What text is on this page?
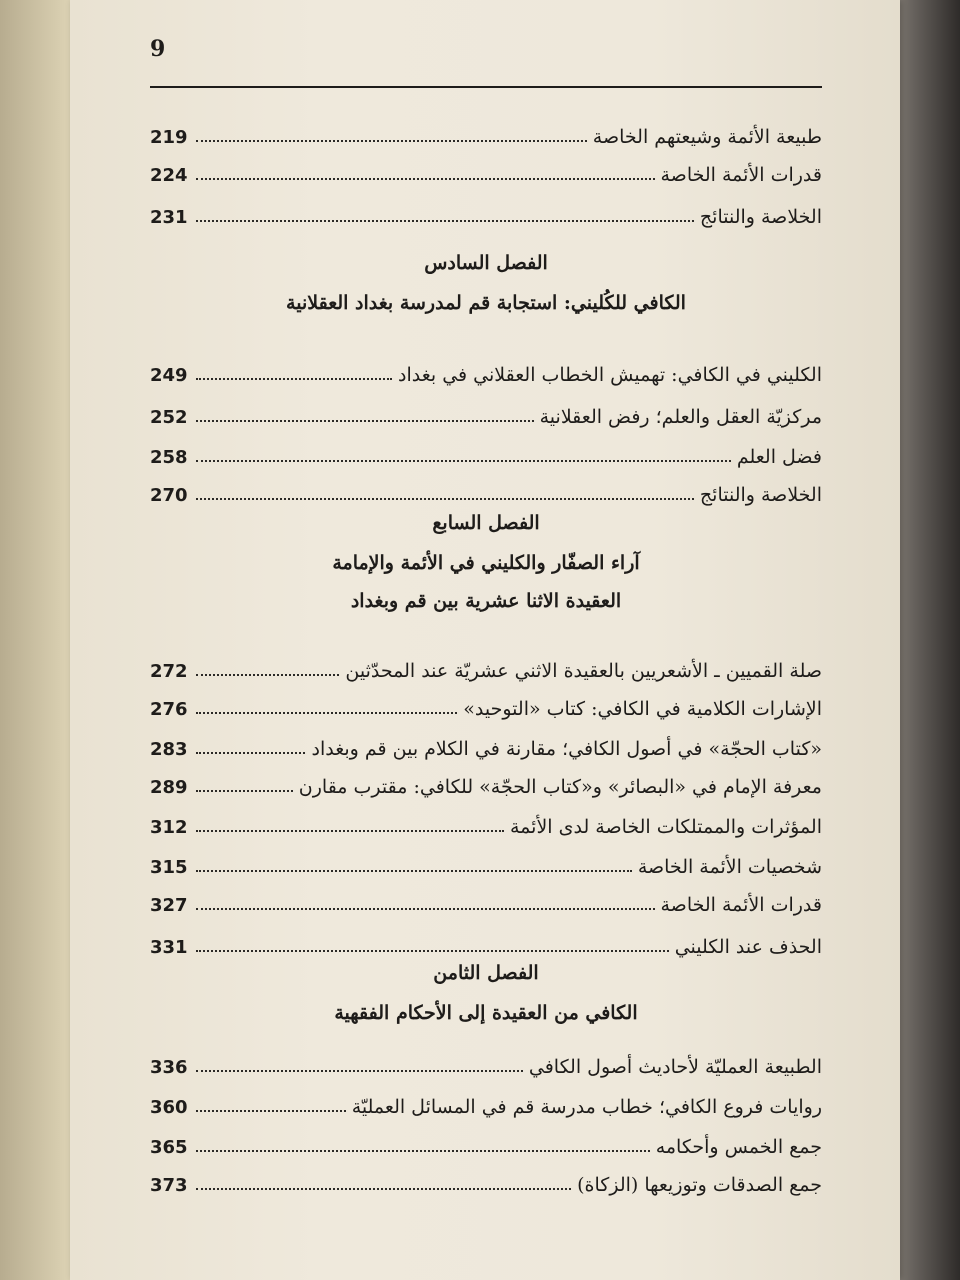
9
طبيعة الأئمة وشيعتهم الخاصة
219
قدرات الأئمة الخاصة
224
الخلاصة والنتائج
231
الفصل السادس
الكافي للكُليني: استجابة قم لمدرسة بغداد العقلانية
الكليني في الكافي: تهميش الخطاب العقلاني في بغداد
249
مركزيّة العقل والعلم؛ رفض العقلانية
252
فضل العلم
258
الخلاصة والنتائج
270
الفصل السابع
آراء الصفّار والكليني في الأئمة والإمامة
العقيدة الاثنا عشرية بين قم وبغداد
صلة القميين ـ الأشعريين بالعقيدة الاثني عشريّة عند المحدّثين
272
الإشارات الكلامية في الكافي: كتاب «التوحيد»
276
«كتاب الحجّة» في أصول الكافي؛ مقارنة في الكلام بين قم وبغداد
283
معرفة الإمام في «البصائر» و«كتاب الحجّة» للكافي: مقترب مقارن
289
المؤثرات والممتلكات الخاصة لدى الأئمة
312
شخصيات الأئمة الخاصة
315
قدرات الأئمة الخاصة
327
الحذف عند الكليني
331
الفصل الثامن
الكافي من العقيدة إلى الأحكام الفقهية
الطبيعة العمليّة لأحاديث أصول الكافي
336
روايات فروع الكافي؛ خطاب مدرسة قم في المسائل العمليّة
360
جمع الخمس وأحكامه
365
جمع الصدقات وتوزيعها (الزكاة)
373
